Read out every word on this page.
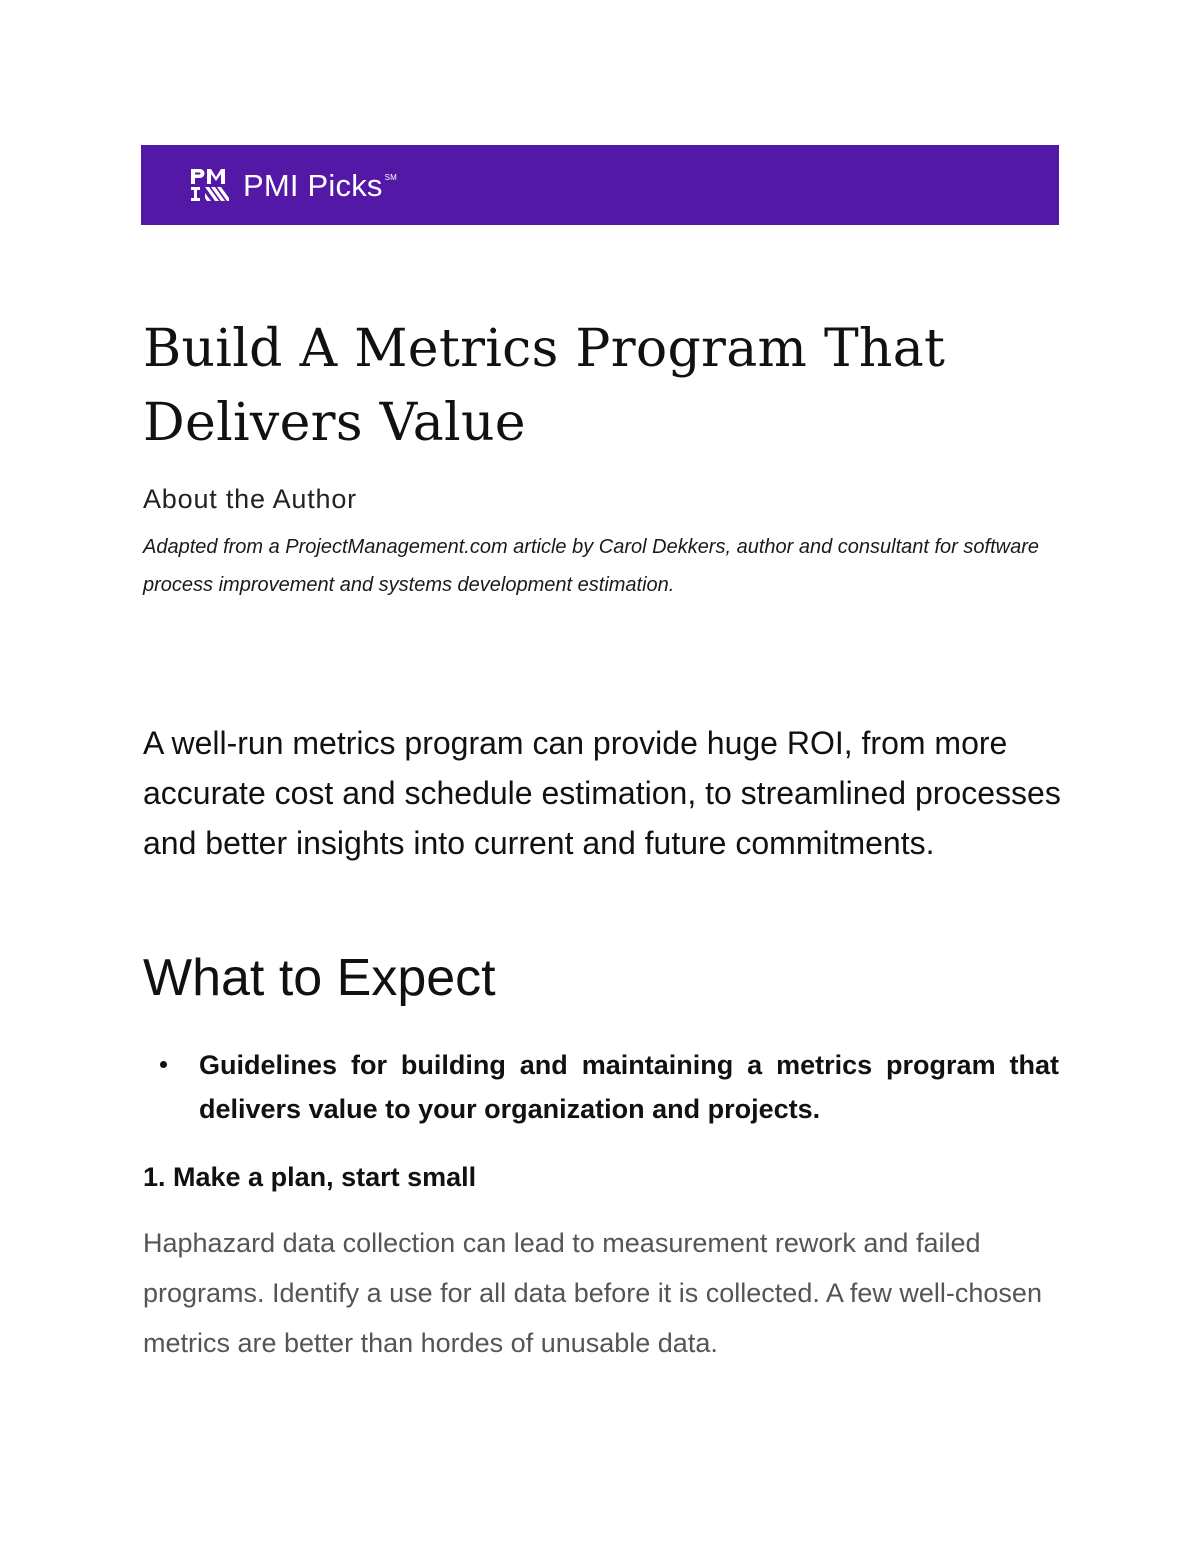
PMI Picks ℠
Build A Metrics Program That
Delivers Value
About the Author

Adapted from a ProjectManagement.com article by Carol Dekkers, author and consultant for software process improvement and systems development estimation.

A well-run metrics program can provide huge ROI, from more accurate cost and schedule estimation, to streamlined processes and better insights into current and future commitments.

What to Expect
Guidelines for building and maintaining a metrics program that delivers value to your organization and projects.
1. Make a plan, start small

Haphazard data collection can lead to measurement rework and failed programs. Identify a use for all data before it is collected. A few well-chosen metrics are better than hordes of unusable data.
